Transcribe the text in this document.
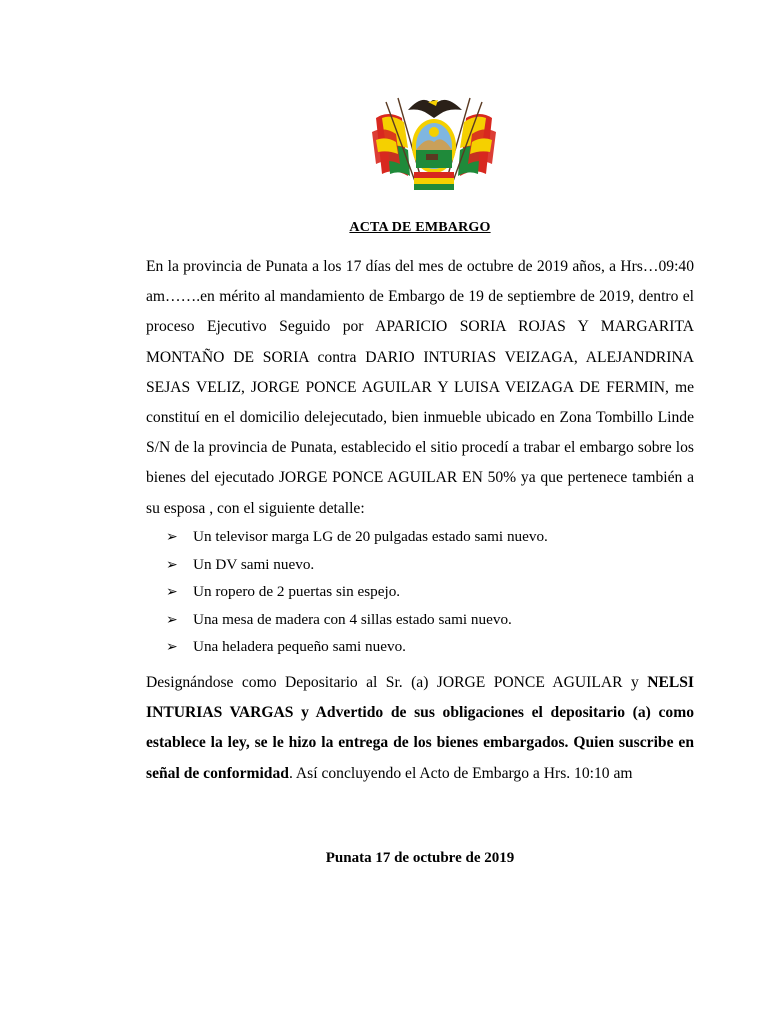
ACTA DE EMBARGO
En la provincia de Punata a los 17 días del mes de octubre de 2019 años, a Hrs…09:40 am…….en mérito al mandamiento de Embargo de 19 de septiembre de 2019, dentro el proceso Ejecutivo Seguido por APARICIO SORIA ROJAS Y MARGARITA MONTAÑO DE SORIA contra DARIO INTURIAS VEIZAGA, ALEJANDRINA SEJAS VELIZ, JORGE PONCE AGUILAR Y LUISA VEIZAGA DE FERMIN, me constituí en el domicilio delejecutado, bien inmueble ubicado en Zona Tombillo Linde S/N de la provincia de Punata, establecido el sitio procedí a trabar el embargo sobre los bienes del ejecutado JORGE PONCE AGUILAR EN 50% ya que pertenece también a su esposa , con el siguiente detalle:
➢	Un televisor marga LG de 20 pulgadas estado sami nuevo.
➢	Un DV sami nuevo.
➢	Un ropero de 2 puertas sin espejo.
➢	Una mesa de madera con 4 sillas estado sami nuevo.
➢	Una heladera pequeño sami nuevo.
Designándose como Depositario al Sr. (a) JORGE PONCE AGUILAR y NELSI INTURIAS VARGAS y Advertido de sus obligaciones el depositario (a) como establece la ley, se le hizo la entrega de los bienes embargados. Quien suscribe en señal de conformidad. Así concluyendo el Acto de Embargo a Hrs. 10:10 am
Punata 17 de octubre de 2019
